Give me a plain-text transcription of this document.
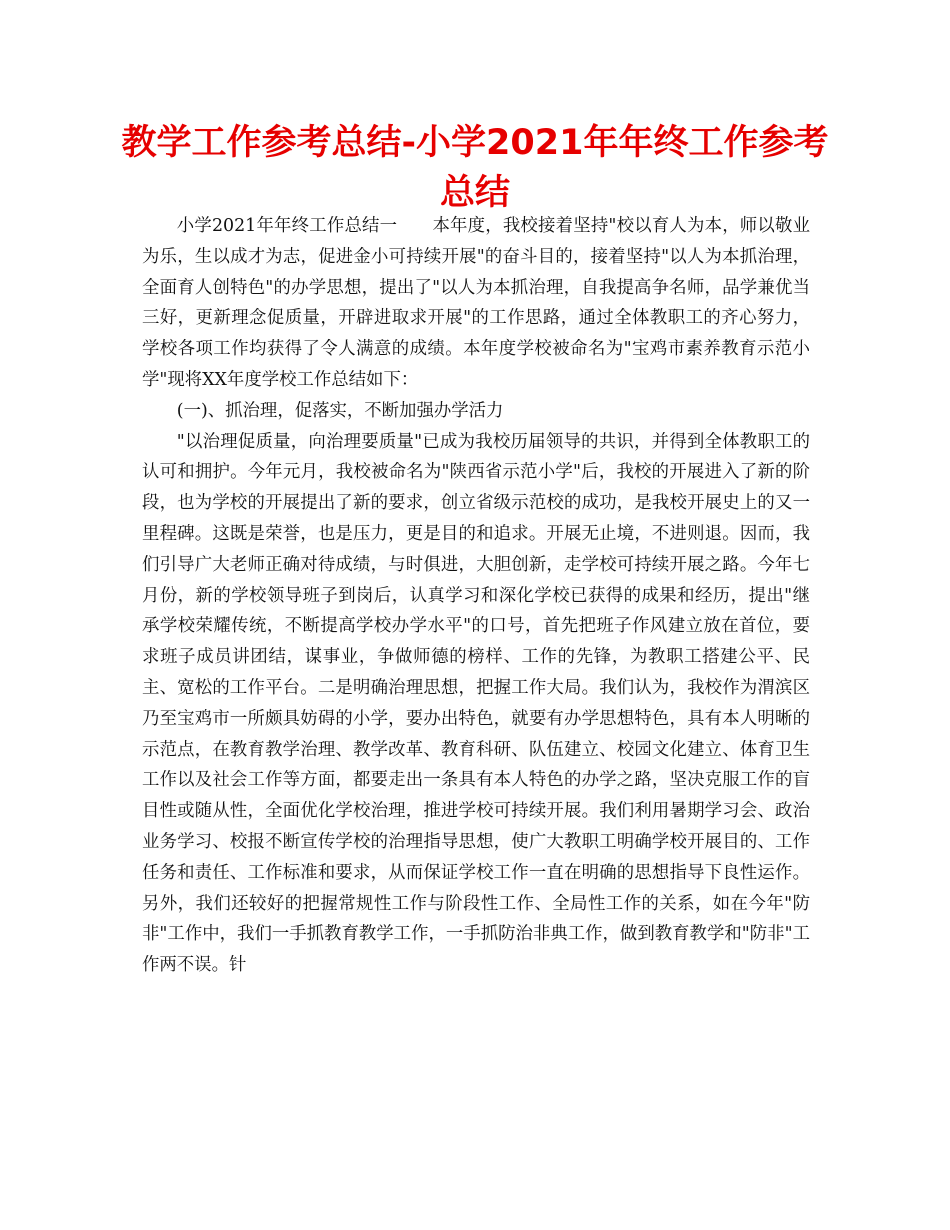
教学工作参考总结-小学2021年年终工作参考总结

小学2021年年终工作总结一　　本年度，我校接着坚持"校以育人为本，师以敬业为乐，生以成才为志，促进金小可持续开展"的奋斗目的，接着坚持"以人为本抓治理，全面育人创特色"的办学思想，提出了"以人为本抓治理，自我提高争名师，品学兼优当三好，更新理念促质量，开辟进取求开展"的工作思路，通过全体教职工的齐心努力，学校各项工作均获得了令人满意的成绩。本年度学校被命名为"宝鸡市素养教育示范小学"现将XX年度学校工作总结如下：

(一)、抓治理，促落实，不断加强办学活力

"以治理促质量，向治理要质量"已成为我校历届领导的共识，并得到全体教职工的认可和拥护。今年元月，我校被命名为"陕西省示范小学"后，我校的开展进入了新的阶段，也为学校的开展提出了新的要求，创立省级示范校的成功，是我校开展史上的又一里程碑。这既是荣誉，也是压力，更是目的和追求。开展无止境，不进则退。因而，我们引导广大老师正确对待成绩，与时俱进，大胆创新，走学校可持续开展之路。今年七月份，新的学校领导班子到岗后，认真学习和深化学校已获得的成果和经历，提出"继承学校荣耀传统，不断提高学校办学水平"的口号，首先把班子作风建立放在首位，要求班子成员讲团结，谋事业，争做师德的榜样、工作的先锋，为教职工搭建公平、民主、宽松的工作平台。二是明确治理思想，把握工作大局。我们认为，我校作为渭滨区乃至宝鸡市一所颇具妨碍的小学，要办出特色，就要有办学思想特色，具有本人明晰的示范点，在教育教学治理、教学改革、教育科研、队伍建立、校园文化建立、体育卫生工作以及社会工作等方面，都要走出一条具有本人特色的办学之路，坚决克服工作的盲目性或随从性，全面优化学校治理，推进学校可持续开展。我们利用暑期学习会、政治业务学习、校报不断宣传学校的治理指导思想，使广大教职工明确学校开展目的、工作任务和责任、工作标准和要求，从而保证学校工作一直在明确的思想指导下良性运作。另外，我们还较好的把握常规性工作与阶段性工作、全局性工作的关系，如在今年"防非"工作中，我们一手抓教育教学工作，一手抓防治非典工作，做到教育教学和"防非"工作两不误。针
